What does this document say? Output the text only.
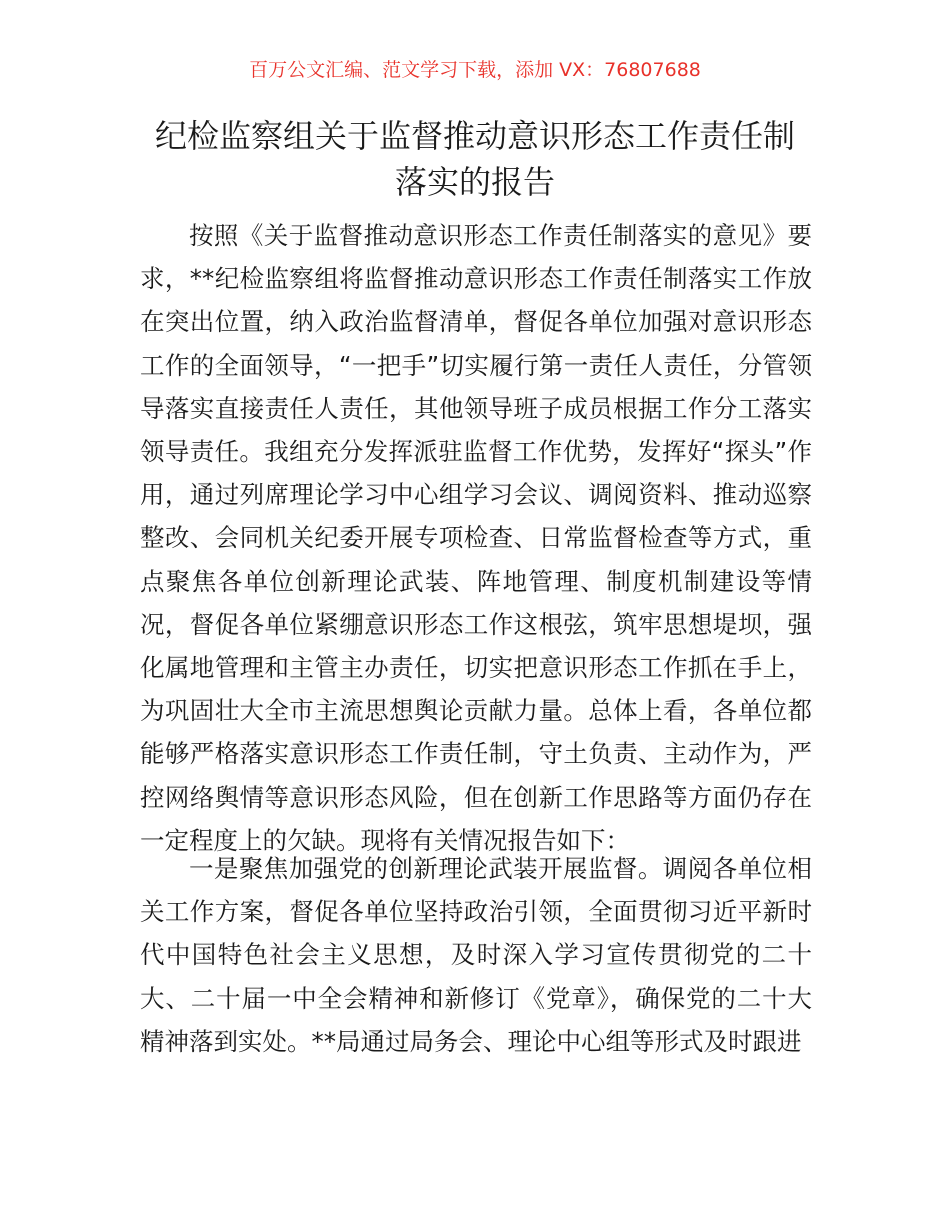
百万公文汇编、范文学习下载，添加 VX：76807688
纪检监察组关于监督推动意识形态工作责任制落实的报告

按照《关于监督推动意识形态工作责任制落实的意见》要求，**纪检监察组将监督推动意识形态工作责任制落实工作放在突出位置，纳入政治监督清单，督促各单位加强对意识形态工作的全面领导，“一把手”切实履行第一责任人责任，分管领导落实直接责任人责任，其他领导班子成员根据工作分工落实领导责任。我组充分发挥派驻监督工作优势，发挥好“探头”作用，通过列席理论学习中心组学习会议、调阅资料、推动巡察整改、会同机关纪委开展专项检查、日常监督检查等方式，重点聚焦各单位创新理论武装、阵地管理、制度机制建设等情况，督促各单位紧绷意识形态工作这根弦，筑牢思想堤坝，强化属地管理和主管主办责任，切实把意识形态工作抓在手上，为巩固壮大全市主流思想舆论贡献力量。总体上看，各单位都能够严格落实意识形态工作责任制，守土负责、主动作为，严控网络舆情等意识形态风险，但在创新工作思路等方面仍存在一定程度上的欠缺。现将有关情况报告如下：

一是聚焦加强党的创新理论武装开展监督。调阅各单位相关工作方案，督促各单位坚持政治引领，全面贯彻习近平新时代中国特色社会主义思想，及时深入学习宣传贯彻党的二十大、二十届一中全会精神和新修订《党章》，确保党的二十大精神落到实处。**局通过局务会、理论中心组等形式及时跟进
